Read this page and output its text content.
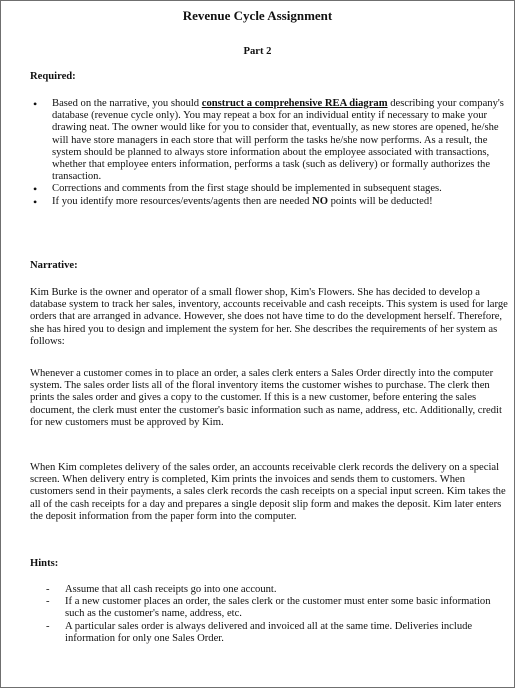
Revenue Cycle Assignment
Part 2
Required:
• Based on the narrative, you should construct a comprehensive REA diagram describing your company's database (revenue cycle only). You may repeat a box for an individual entity if necessary to make your drawing neat. The owner would like for you to consider that, eventually, as new stores are opened, he/she will have store managers in each store that will perform the tasks he/she now performs. As a result, the system should be planned to always store information about the employee associated with transactions, whether that employee enters information, performs a task (such as delivery) or formally authorizes the transaction.
• Corrections and comments from the first stage should be implemented in subsequent stages.
• If you identify more resources/events/agents then are needed NO points will be deducted!
Narrative:

Kim Burke is the owner and operator of a small flower shop, Kim's Flowers. She has decided to develop a database system to track her sales, inventory, accounts receivable and cash receipts. This system is used for large orders that are arranged in advance. However, she does not have time to do the development herself. Therefore, she has hired you to design and implement the system for her. She describes the requirements of her system as follows:

Whenever a customer comes in to place an order, a sales clerk enters a Sales Order directly into the computer system. The sales order lists all of the floral inventory items the customer wishes to purchase. The clerk then prints the sales order and gives a copy to the customer. If this is a new customer, before entering the sales document, the clerk must enter the customer's basic information such as name, address, etc. Additionally, credit for new customers must be approved by Kim.

When Kim completes delivery of the sales order, an accounts receivable clerk records the delivery on a special screen. When delivery entry is completed, Kim prints the invoices and sends them to customers. When customers send in their payments, a sales clerk records the cash receipts on a special input screen. Kim takes the all of the cash receipts for a day and prepares a single deposit slip form and makes the deposit. Kim later enters the deposit information from the paper form into the computer.

Hints:
- Assume that all cash receipts go into one account.
- If a new customer places an order, the sales clerk or the customer must enter some basic information such as the customer's name, address, etc.
- A particular sales order is always delivered and invoiced all at the same time. Deliveries include information for only one Sales Order.
